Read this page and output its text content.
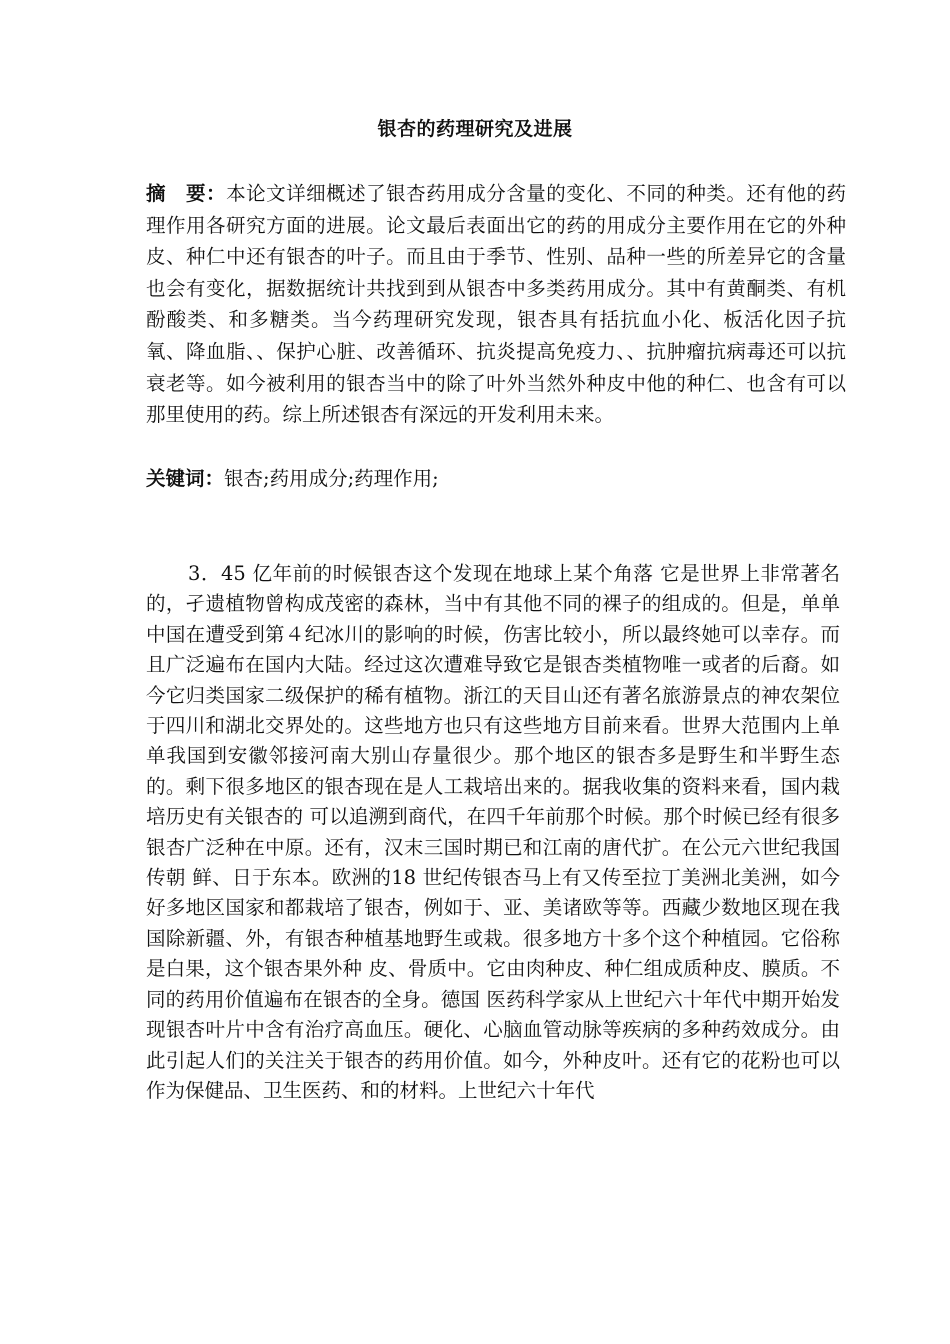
银杏的药理研究及进展

摘　要：本论文详细概述了银杏药用成分含量的变化、不同的种类。还有他的药理作用各研究方面的进展。论文最后表面出它的药的用成分主要作用在它的外种皮、种仁中还有银杏的叶子。而且由于季节、性别、品种一些的所差异它的含量也会有变化，据数据统计共找到到从银杏中多类药用成分。其中有黄酮类、有机酚酸类、和多糖类。当今药理研究发现，银杏具有括抗血小化、板活化因子抗氧、降血脂、、保护心脏、改善循环、抗炎提高免疫力、、抗肿瘤抗病毒还可以抗衰老等。如今被利用的银杏当中的除了叶外当然外种皮中他的种仁、也含有可以那里使用的药。综上所述银杏有深远的开发利用未来。

关键词：银杏;药用成分;药理作用;

3．45 亿年前的时候银杏这个发现在地球上某个角落 它是世界上非常著名的，孑遗植物曾构成茂密的森林，当中有其他不同的裸子的组成的。但是，单单中国在遭受到第４纪冰川的影响的时候，伤害比较小，所以最终她可以幸存。而且广泛遍布在国内大陆。经过这次遭难导致它是银杏类植物唯一或者的后裔。如今它归类国家二级保护的稀有植物。浙江的天目山还有著名旅游景点的神农架位于四川和湖北交界处的。这些地方也只有这些地方目前来看。世界大范围内上单单我国到安徽邻接河南大别山存量很少。那个地区的银杏多是野生和半野生态的。剩下很多地区的银杏现在是人工栽培出来的。据我收集的资料来看，国内栽培历史有关银杏的 可以追溯到商代，在四千年前那个时候。那个时候已经有很多银杏广泛种在中原。还有，汉末三国时期已和江南的唐代扩。在公元六世纪我国传朝 鲜、日于东本。欧洲的18 世纪传银杏马上有又传至拉丁美洲北美洲，如今好多地区国家和都栽培了银杏，例如于、亚、美诸欧等等。西藏少数地区现在我国除新疆、外，有银杏种植基地野生或栽。很多地方十多个这个种植园。它俗称是白果，这个银杏果外种 皮、骨质中。它由肉种皮、种仁组成质种皮、膜质。不同的药用价值遍布在银杏的全身。德国 医药科学家从上世纪六十年代中期开始发现银杏叶片中含有治疗高血压。硬化、心脑血管动脉等疾病的多种药效成分。由此引起人们的关注关于银杏的药用价值。如今，外种皮叶。还有它的花粉也可以作为保健品、卫生医药、和的材料。上世纪六十年代
